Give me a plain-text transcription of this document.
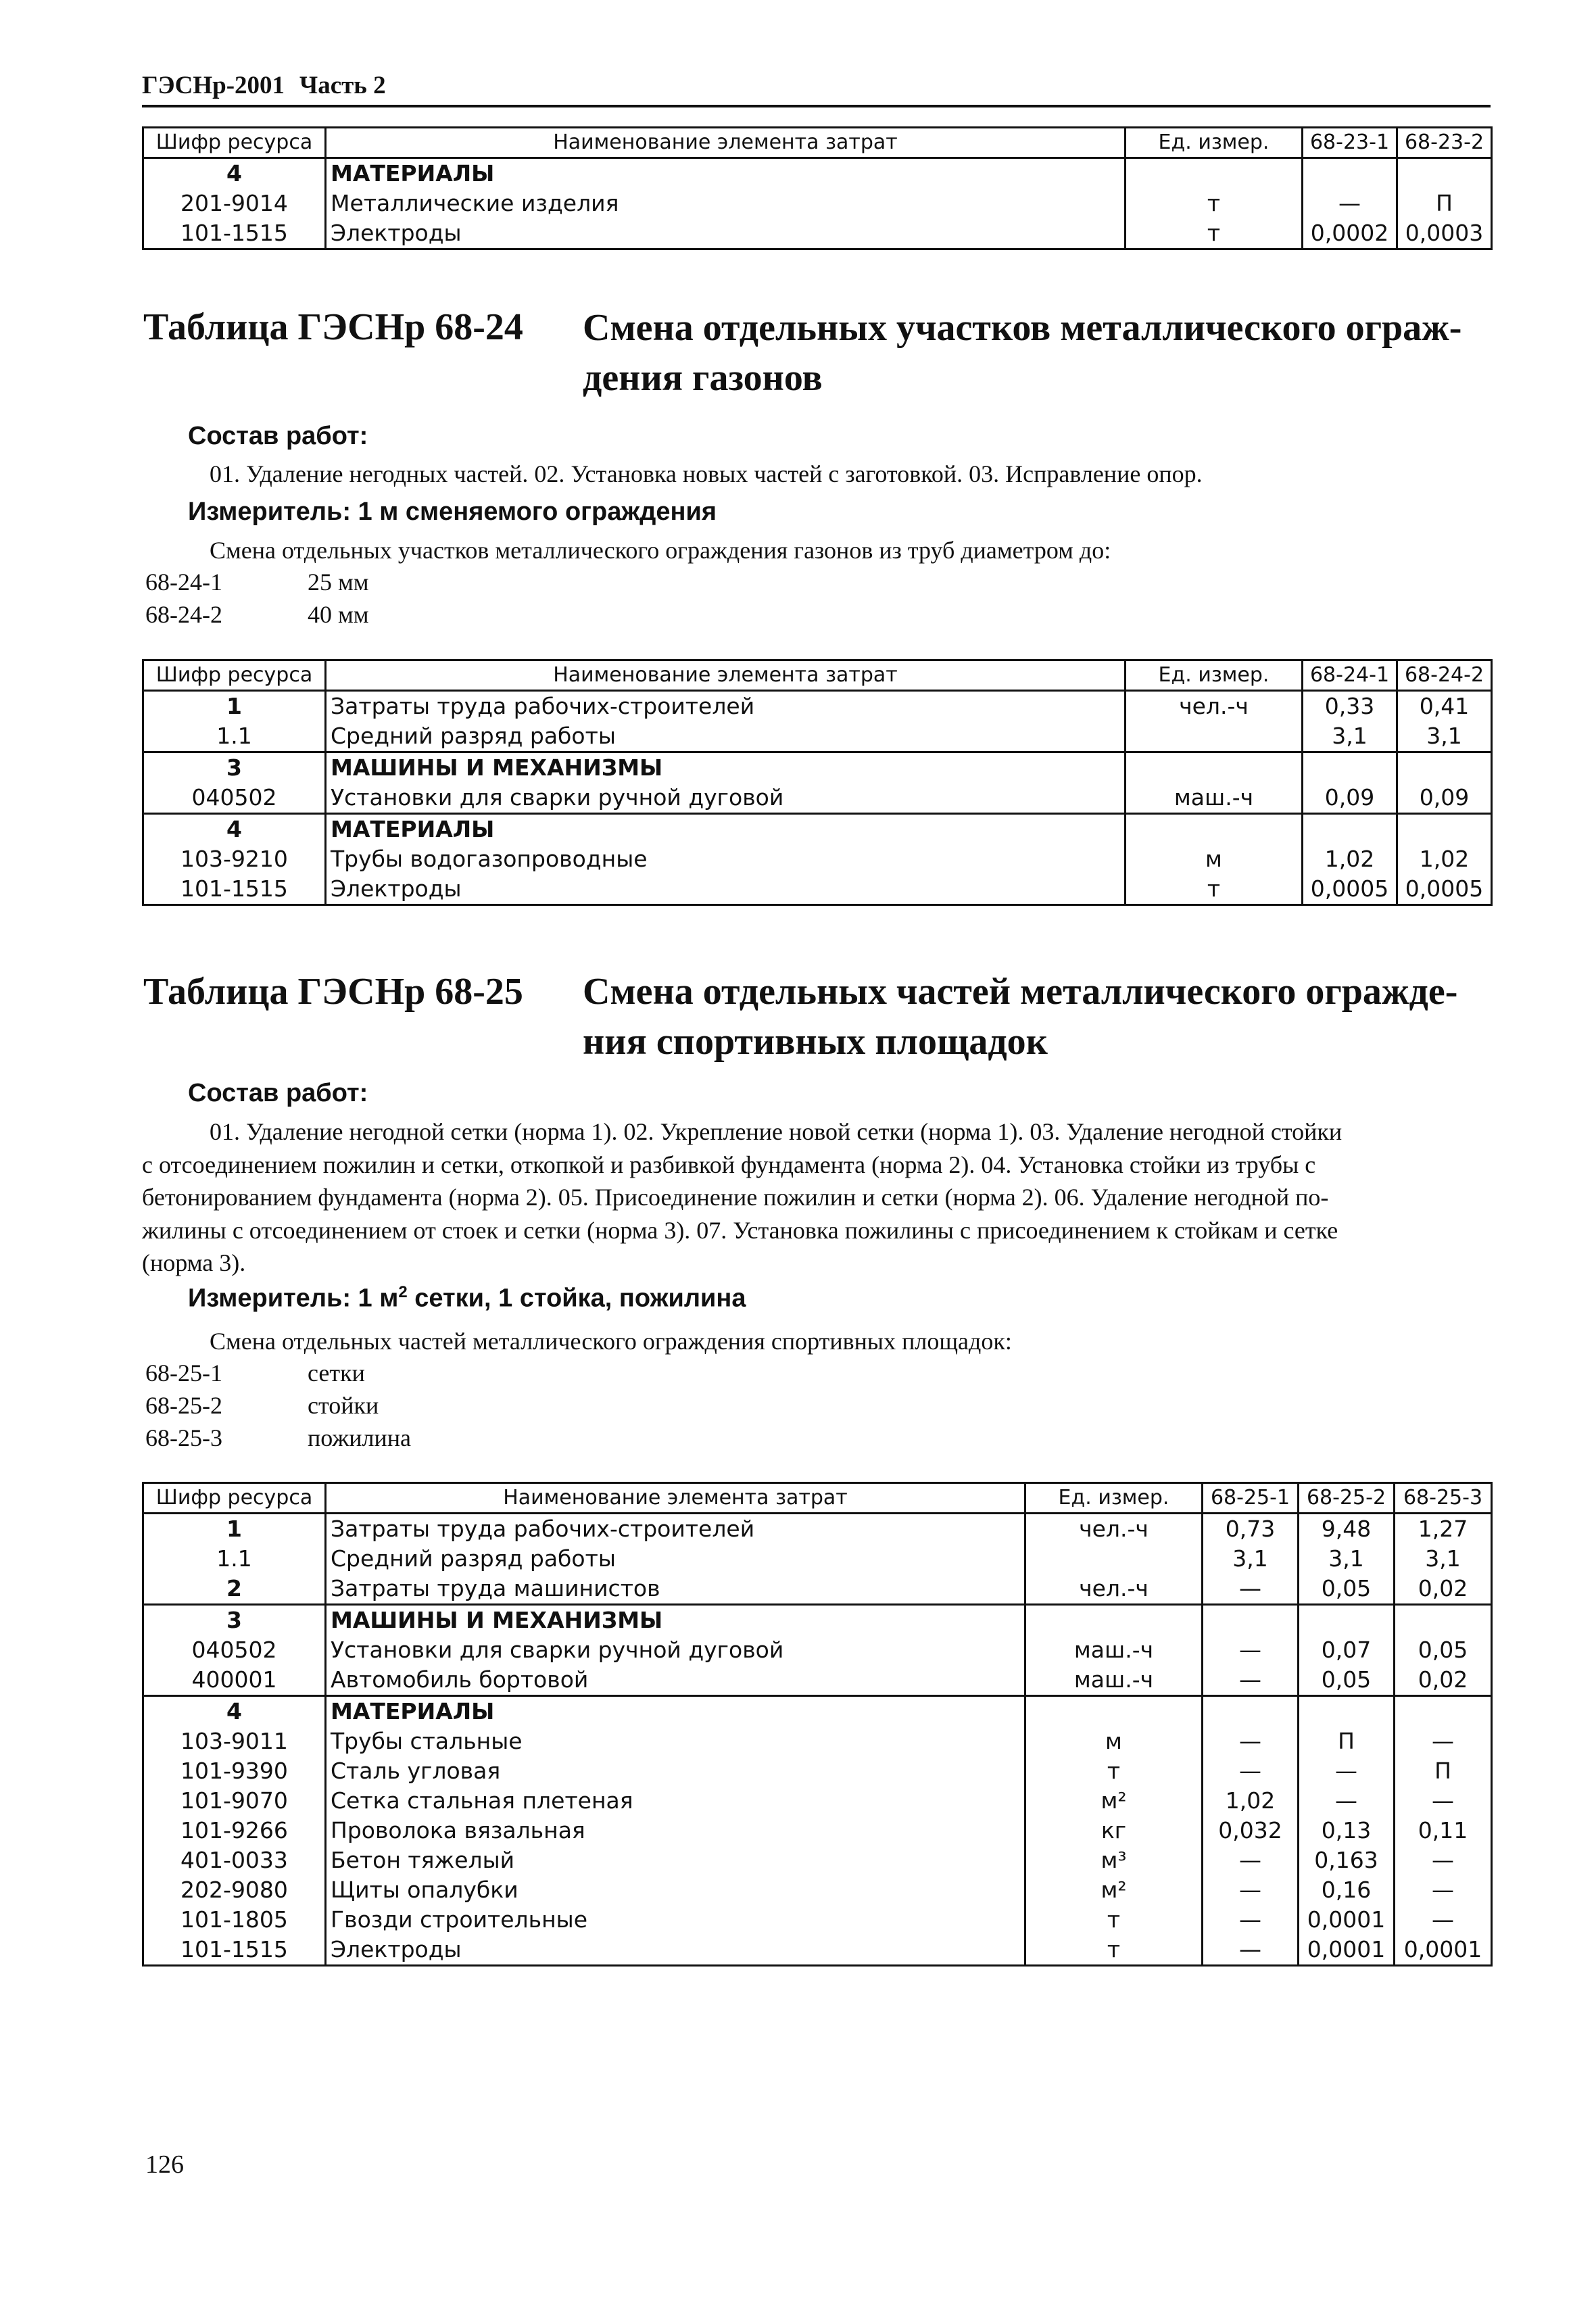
ГЭСНр-2001 Часть 2
Шифр ресурса	Наименование элемента затрат	Ед. измер.	68-23-1	68-23-2
4	МАТЕРИАЛЫ			
201-9014	Металлические изделия	т	—	П
101-1515	Электроды	т	0,0002	0,0003
Таблица ГЭСНр 68-24 Смена отдельных участков металлического ограж-
дения газонов
Состав работ:
01. Удаление негодных частей. 02. Установка новых частей с заготовкой. 03. Исправление опор.
Измеритель: 1 м сменяемого ограждения
Смена отдельных участков металлического ограждения газонов из труб диаметром до:
68-24-1	25 мм
68-24-2	40 мм
Шифр ресурса	Наименование элемента затрат	Ед. измер.	68-24-1	68-24-2
1	Затраты труда рабочих-строителей	чел.-ч	0,33	0,41
1.1	Средний разряд работы		3,1	3,1
3	МАШИНЫ И МЕХАНИЗМЫ			
040502	Установки для сварки ручной дуговой	маш.-ч	0,09	0,09
4	МАТЕРИАЛЫ			
103-9210	Трубы водогазопроводные	м	1,02	1,02
101-1515	Электроды	т	0,0005	0,0005
Таблица ГЭСНр 68-25 Смена отдельных частей металлического огражде-
ния спортивных площадок
Состав работ:
01. Удаление негодной сетки (норма 1). 02. Укрепление новой сетки (норма 1). 03. Удаление негодной стойки
с отсоединением пожилин и сетки, откопкой и разбивкой фундамента (норма 2). 04. Установка стойки из трубы с
бетонированием фундамента (норма 2). 05. Присоединение пожилин и сетки (норма 2). 06. Удаление негодной по-
жилины с отсоединением от стоек и сетки (норма 3). 07. Установка пожилины с присоединением к стойкам и сетке
(норма 3).
Измеритель: 1 $м^2$ сетки, 1 стойка, пожилина
Смена отдельных частей металлического ограждения спортивных площадок:
68-25-1	сетки
68-25-2	стойки
68-25-3	пожилина
Шифр ресурса	Наименование элемента затрат	Ед. измер.	68-25-1	68-25-2	68-25-3
1	Затраты труда рабочих-строителей	чел.-ч	0,73	9,48	1,27
1.1	Средний разряд работы		3,1	3,1	3,1
2	Затраты труда машинистов	чел.-ч	—	0,05	0,02
3	МАШИНЫ И МЕХАНИЗМЫ				
040502	Установки для сварки ручной дуговой	маш.-ч	—	0,07	0,05
400001	Автомобиль бортовой	маш.-ч	—	0,05	0,02
4	МАТЕРИАЛЫ				
103-9011	Трубы стальные	м	—	П	—
101-9390	Сталь угловая	т	—	—	П
101-9070	Сетка стальная плетеная	м²	1,02	—	—
101-9266	Проволока вязальная	кг	0,032	0,13	0,11
401-0033	Бетон тяжелый	м³	—	0,163	—
202-9080	Щиты опалубки	м²	—	0,16	—
101-1805	Гвозди строительные	т	—	0,0001	—
101-1515	Электроды	т	—	0,0001	0,0001
126
